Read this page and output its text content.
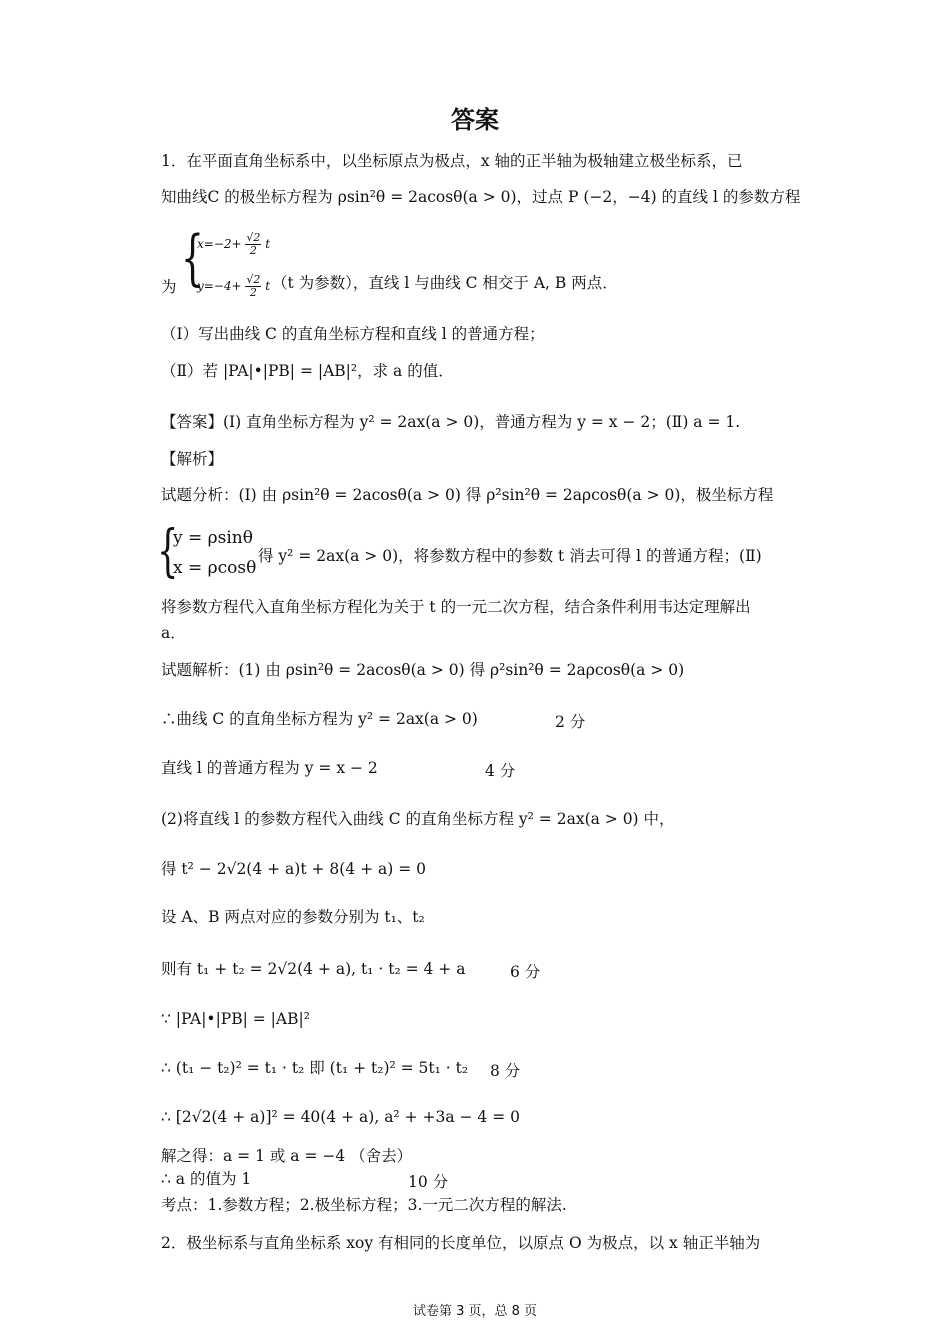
答案
1．在平面直角坐标系中，以坐标原点为极点，x 轴的正半轴为极轴建立极坐标系，已
知曲线C 的极坐标方程为 ρsin²θ = 2acosθ(a > 0)，过点 P (−2，−4) 的直线 l 的参数方程
为 {
$x=-2+ \frac{√2}{2}$ t
$y=-4+ \frac{√2}{2}$ t （t 为参数），直线 l 与曲线 C 相交于 A, B 两点．
（Ⅰ）写出曲线 C 的直角坐标方程和直线 l 的普通方程；
（Ⅱ）若 |PA|•|PB| = |AB|²，求 a 的值．
【答案】(Ⅰ) 直角坐标方程为 y² = 2ax(a > 0)，普通方程为 y = x − 2；(Ⅱ) a = 1.
【解析】
试题分析：(Ⅰ) 由 ρsin²θ = 2acosθ(a > 0) 得 ρ²sin²θ = 2aρcosθ(a > 0)，极坐标方程
{
y = ρsinθ
x = ρcosθ
得 y² = 2ax(a > 0)，将参数方程中的参数 t 消去可得 l 的普通方程；(Ⅱ)
将参数方程代入直角坐标方程化为关于 t 的一元二次方程，结合条件利用韦达定理解出
a．
试题解析：(1) 由 ρsin²θ = 2acosθ(a > 0) 得 ρ²sin²θ = 2aρcosθ(a > 0)
∴曲线 C 的直角坐标方程为 y² = 2ax(a > 0)	2 分
直线 l 的普通方程为 y = x − 2	4 分
(2)将直线 l 的参数方程代入曲线 C 的直角坐标方程 y² = 2ax(a > 0) 中，
得 t² − 2√2(4 + a)t + 8(4 + a) = 0
设 A、B 两点对应的参数分别为 t₁、t₂
则有 t₁ + t₂ = 2√2(4 + a), t₁ · t₂ = 4 + a	6 分
∵ |PA|•|PB| = |AB|²
∴ (t₁ − t₂)² = t₁ · t₂ 即 (t₁ + t₂)² = 5t₁ · t₂ 8 分
∴ [2√2(4 + a)]² = 40(4 + a), a² + +3a − 4 = 0
解之得：a = 1 或 a = −4 （舍去）
∴ a 的值为 1	10 分
考点：1.参数方程；2.极坐标方程；3.一元二次方程的解法.
2．极坐标系与直角坐标系 xoy 有相同的长度单位，以原点 O 为极点，以 x 轴正半轴为
试卷第 3 页，总 8 页
